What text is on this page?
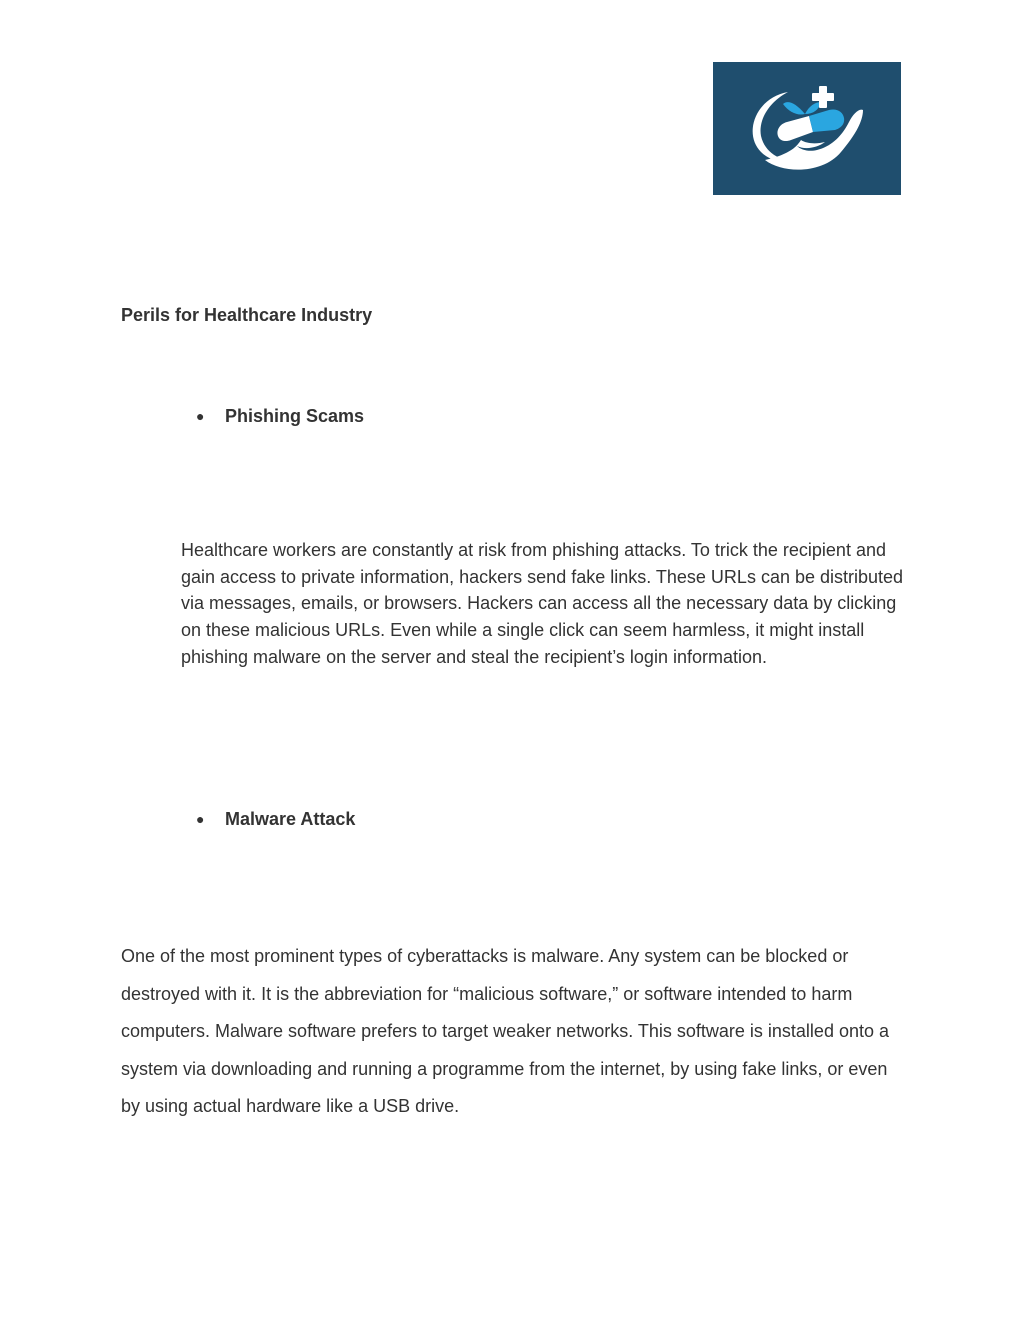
Perils for Healthcare Industry
● Phishing Scams

Healthcare workers are constantly at risk from phishing attacks. To trick the recipient and gain access to private information, hackers send fake links. These URLs can be distributed via messages, emails, or browsers. Hackers can access all the necessary data by clicking on these malicious URLs. Even while a single click can seem harmless, it might install phishing malware on the server and steal the recipient’s login information.

● Malware Attack

One of the most prominent types of cyberattacks is malware. Any system can be blocked or destroyed with it. It is the abbreviation for “malicious software,” or software intended to harm computers. Malware software prefers to target weaker networks. This software is installed onto a system via downloading and running a programme from the internet, by using fake links, or even by using actual hardware like a USB drive.
